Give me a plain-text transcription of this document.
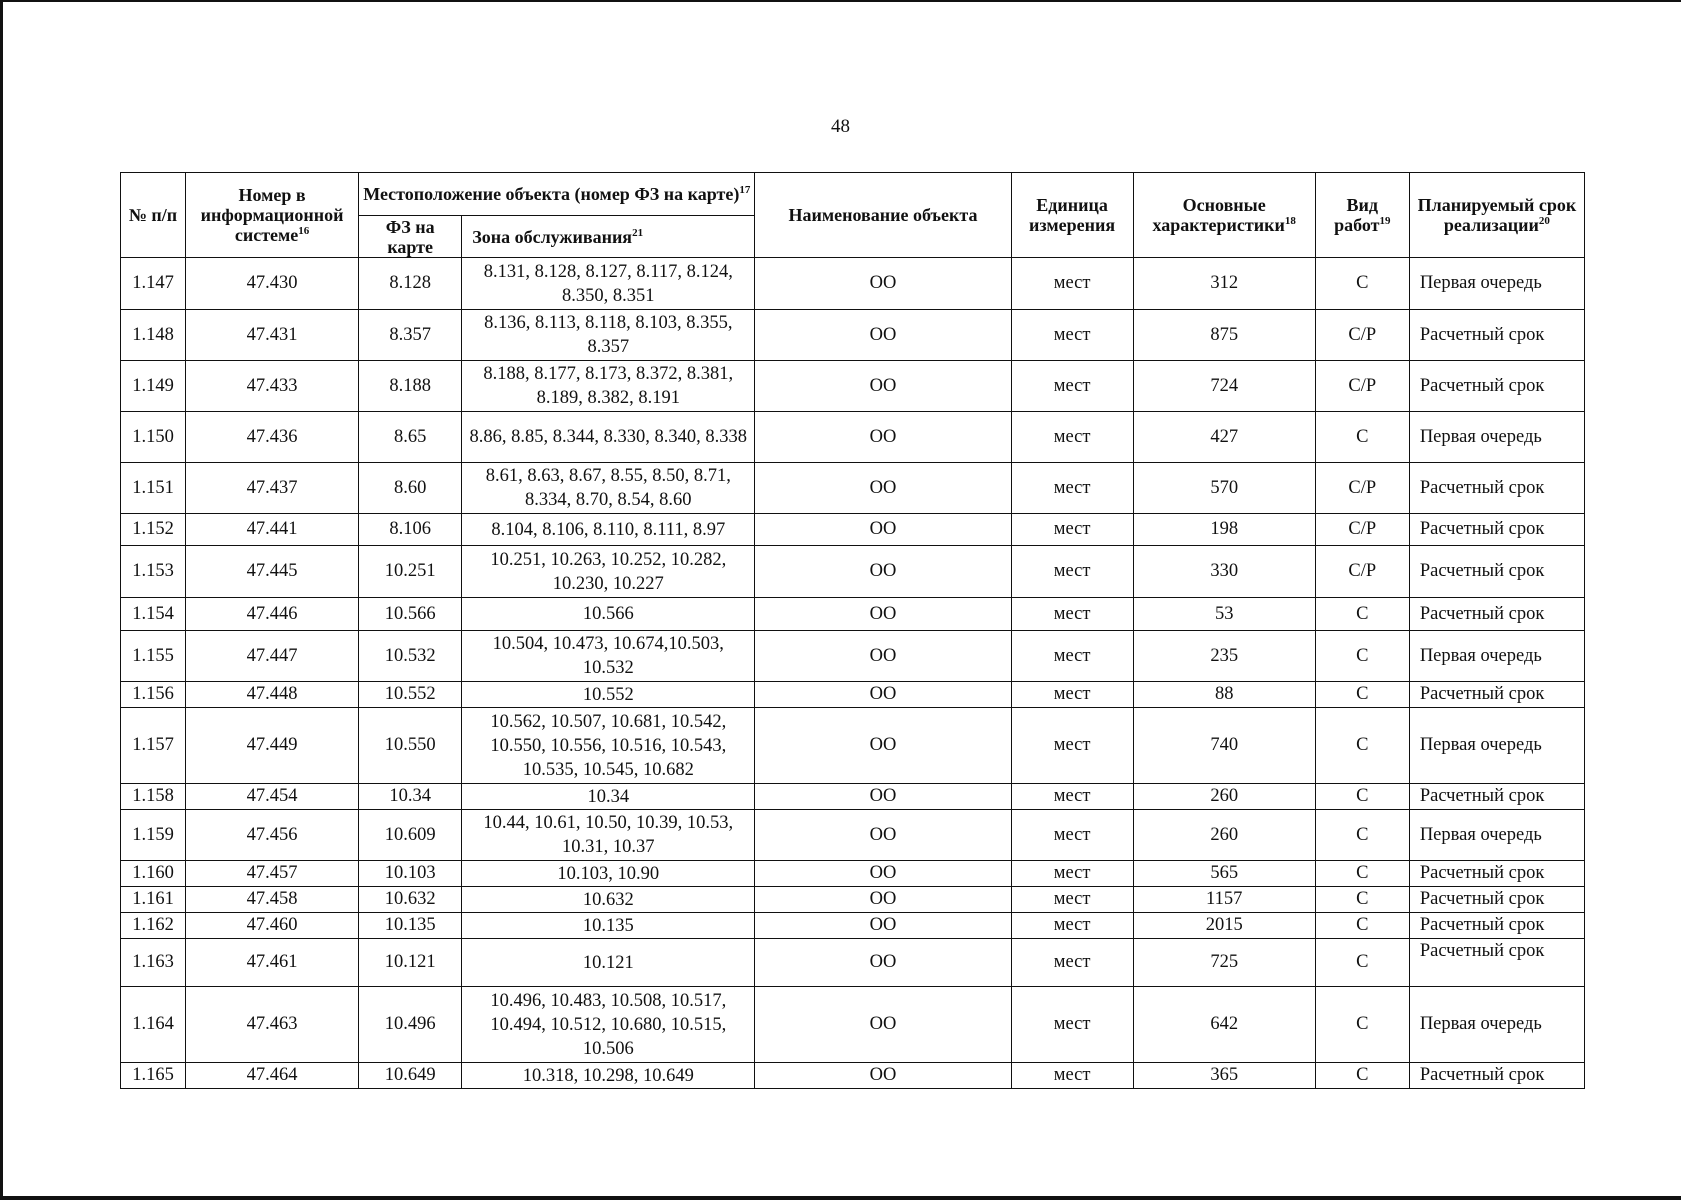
48
№ п/п	Номер в информационной системе$^{16}$	Местоположение объекта (номер ФЗ на карте)$^{17}$		Наименование объекта	Единица измерения	Основные характеристики$^{18}$	Вид работ$^{19}$	Планируемый срок реализации$^{20}$
		ФЗ на карте	Зона обслуживания$^{21}$
1.147	47.430	8.128	8.131, 8.128, 8.127, 8.117, 8.124, 8.350, 8.351	ОО	мест	312	С	Первая очередь
1.148	47.431	8.357	8.136, 8.113, 8.118, 8.103, 8.355, 8.357	ОО	мест	875	С/Р	Расчетный срок
1.149	47.433	8.188	8.188, 8.177, 8.173, 8.372, 8.381, 8.189, 8.382, 8.191	ОО	мест	724	С/Р	Расчетный срок
1.150	47.436	8.65	8.86, 8.85, 8.344, 8.330, 8.340, 8.338	ОО	мест	427	С	Первая очередь
1.151	47.437	8.60	8.61, 8.63, 8.67, 8.55, 8.50, 8.71, 8.334, 8.70, 8.54, 8.60	ОО	мест	570	С/Р	Расчетный срок
1.152	47.441	8.106	8.104, 8.106, 8.110, 8.111, 8.97	ОО	мест	198	С/Р	Расчетный срок
1.153	47.445	10.251	10.251, 10.263, 10.252, 10.282, 10.230, 10.227	ОО	мест	330	С/Р	Расчетный срок
1.154	47.446	10.566	10.566	ОО	мест	53	С	Расчетный срок
1.155	47.447	10.532	10.504, 10.473, 10.674,10.503, 10.532	ОО	мест	235	С	Первая очередь
1.156	47.448	10.552	10.552	ОО	мест	88	С	Расчетный срок
1.157	47.449	10.550	10.562, 10.507, 10.681, 10.542, 10.550, 10.556, 10.516, 10.543, 10.535, 10.545, 10.682	ОО	мест	740	С	Первая очередь
1.158	47.454	10.34	10.34	ОО	мест	260	С	Расчетный срок
1.159	47.456	10.609	10.44, 10.61, 10.50, 10.39, 10.53, 10.31, 10.37	ОО	мест	260	С	Первая очередь
1.160	47.457	10.103	10.103, 10.90	ОО	мест	565	С	Расчетный срок
1.161	47.458	10.632	10.632	ОО	мест	1157	С	Расчетный срок
1.162	47.460	10.135	10.135	ОО	мест	2015	С	Расчетный срок
1.163	47.461	10.121	10.121	ОО	мест	725	С	Расчетный срок
1.164	47.463	10.496	10.496, 10.483, 10.508, 10.517, 10.494, 10.512, 10.680, 10.515, 10.506	ОО	мест	642	С	Первая очередь
1.165	47.464	10.649	10.318, 10.298, 10.649	ОО	мест	365	С	Расчетный срок
